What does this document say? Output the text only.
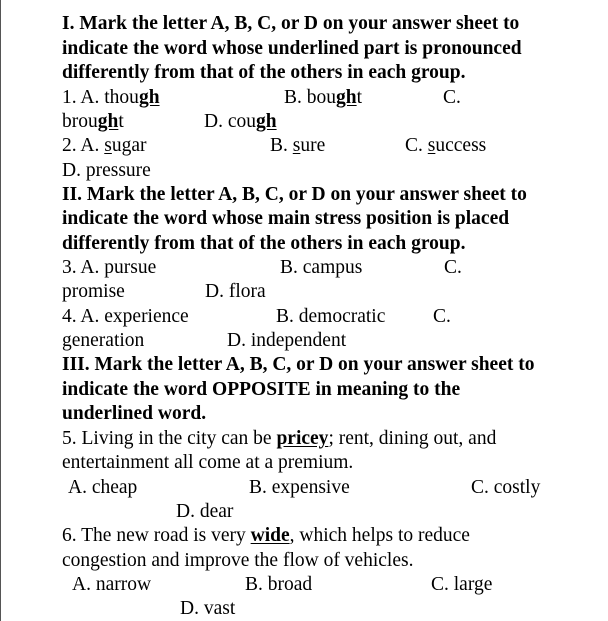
I. Mark the letter A, B, C, or D on your answer sheet to
indicate the word whose underlined part is pronounced
differently from that of the others in each group.
1. A. though	B. bought	C.
brought	D. cough
2. A. sugar	B. sure	C. success
D. pressure
II. Mark the letter A, B, C, or D on your answer sheet to
indicate the word whose main stress position is placed
differently from that of the others in each group.
3. A. pursue	B. campus	C.
promise	D. flora
4. A. experience	B. democratic C.
generation	D. independent
III. Mark the letter A, B, C, or D on your answer sheet to
indicate the word OPPOSITE in meaning to the
underlined word.
5. Living in the city can be pricey; rent, dining out, and
entertainment all come at a premium.
A. cheap	B. expensive	C. costly
D. dear
6. The new road is very wide, which helps to reduce
congestion and improve the flow of vehicles.
A. narrow	B. broad	C. large
D. vast
